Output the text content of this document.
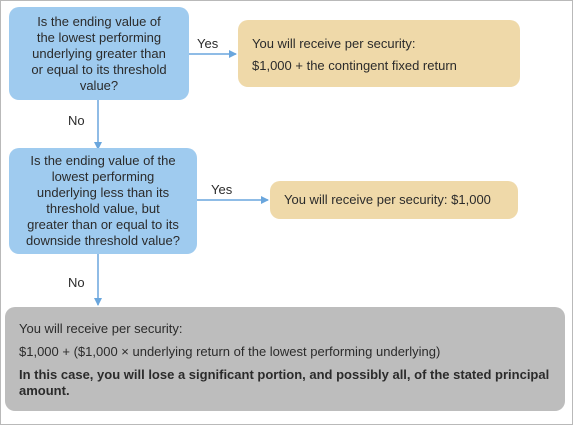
Is the ending value of
the lowest performing
underlying greater than
or equal to its threshold
value?
Yes
No
You will receive per security:
$1,000 + the contingent fixed return
Is the ending value of the
lowest performing
underlying less than its
threshold value, but
greater than or equal to its
downside threshold value?
Yes
No
You will receive per security: $1,000
You will receive per security:
$1,000 + ($1,000 × underlying return of the lowest performing underlying)
In this case, you will lose a significant portion, and possibly all, of the stated principal amount.
